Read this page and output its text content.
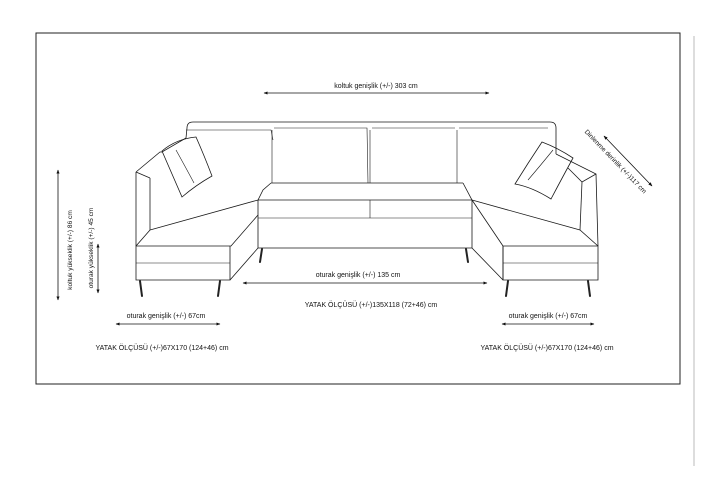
koltuk genişlik (+/-) 303 cm
koltuk yükseklik (+/-) 86 cm oturak yükseklik (+/-) 45 cm
Dinlenme derinlik (+/-)117 cm
oturak genişlik (+/-) 135 cm
YATAK ÖLÇÜSÜ (+/-)135X118 (72+46) cm
oturak genişlik (+/-) 67cm
YATAK ÖLÇÜSÜ (+/-)67X170 (124+46) cm
oturak genişlik (+/-) 67cm
YATAK ÖLÇÜSÜ (+/-)67X170 (124+46) cm
